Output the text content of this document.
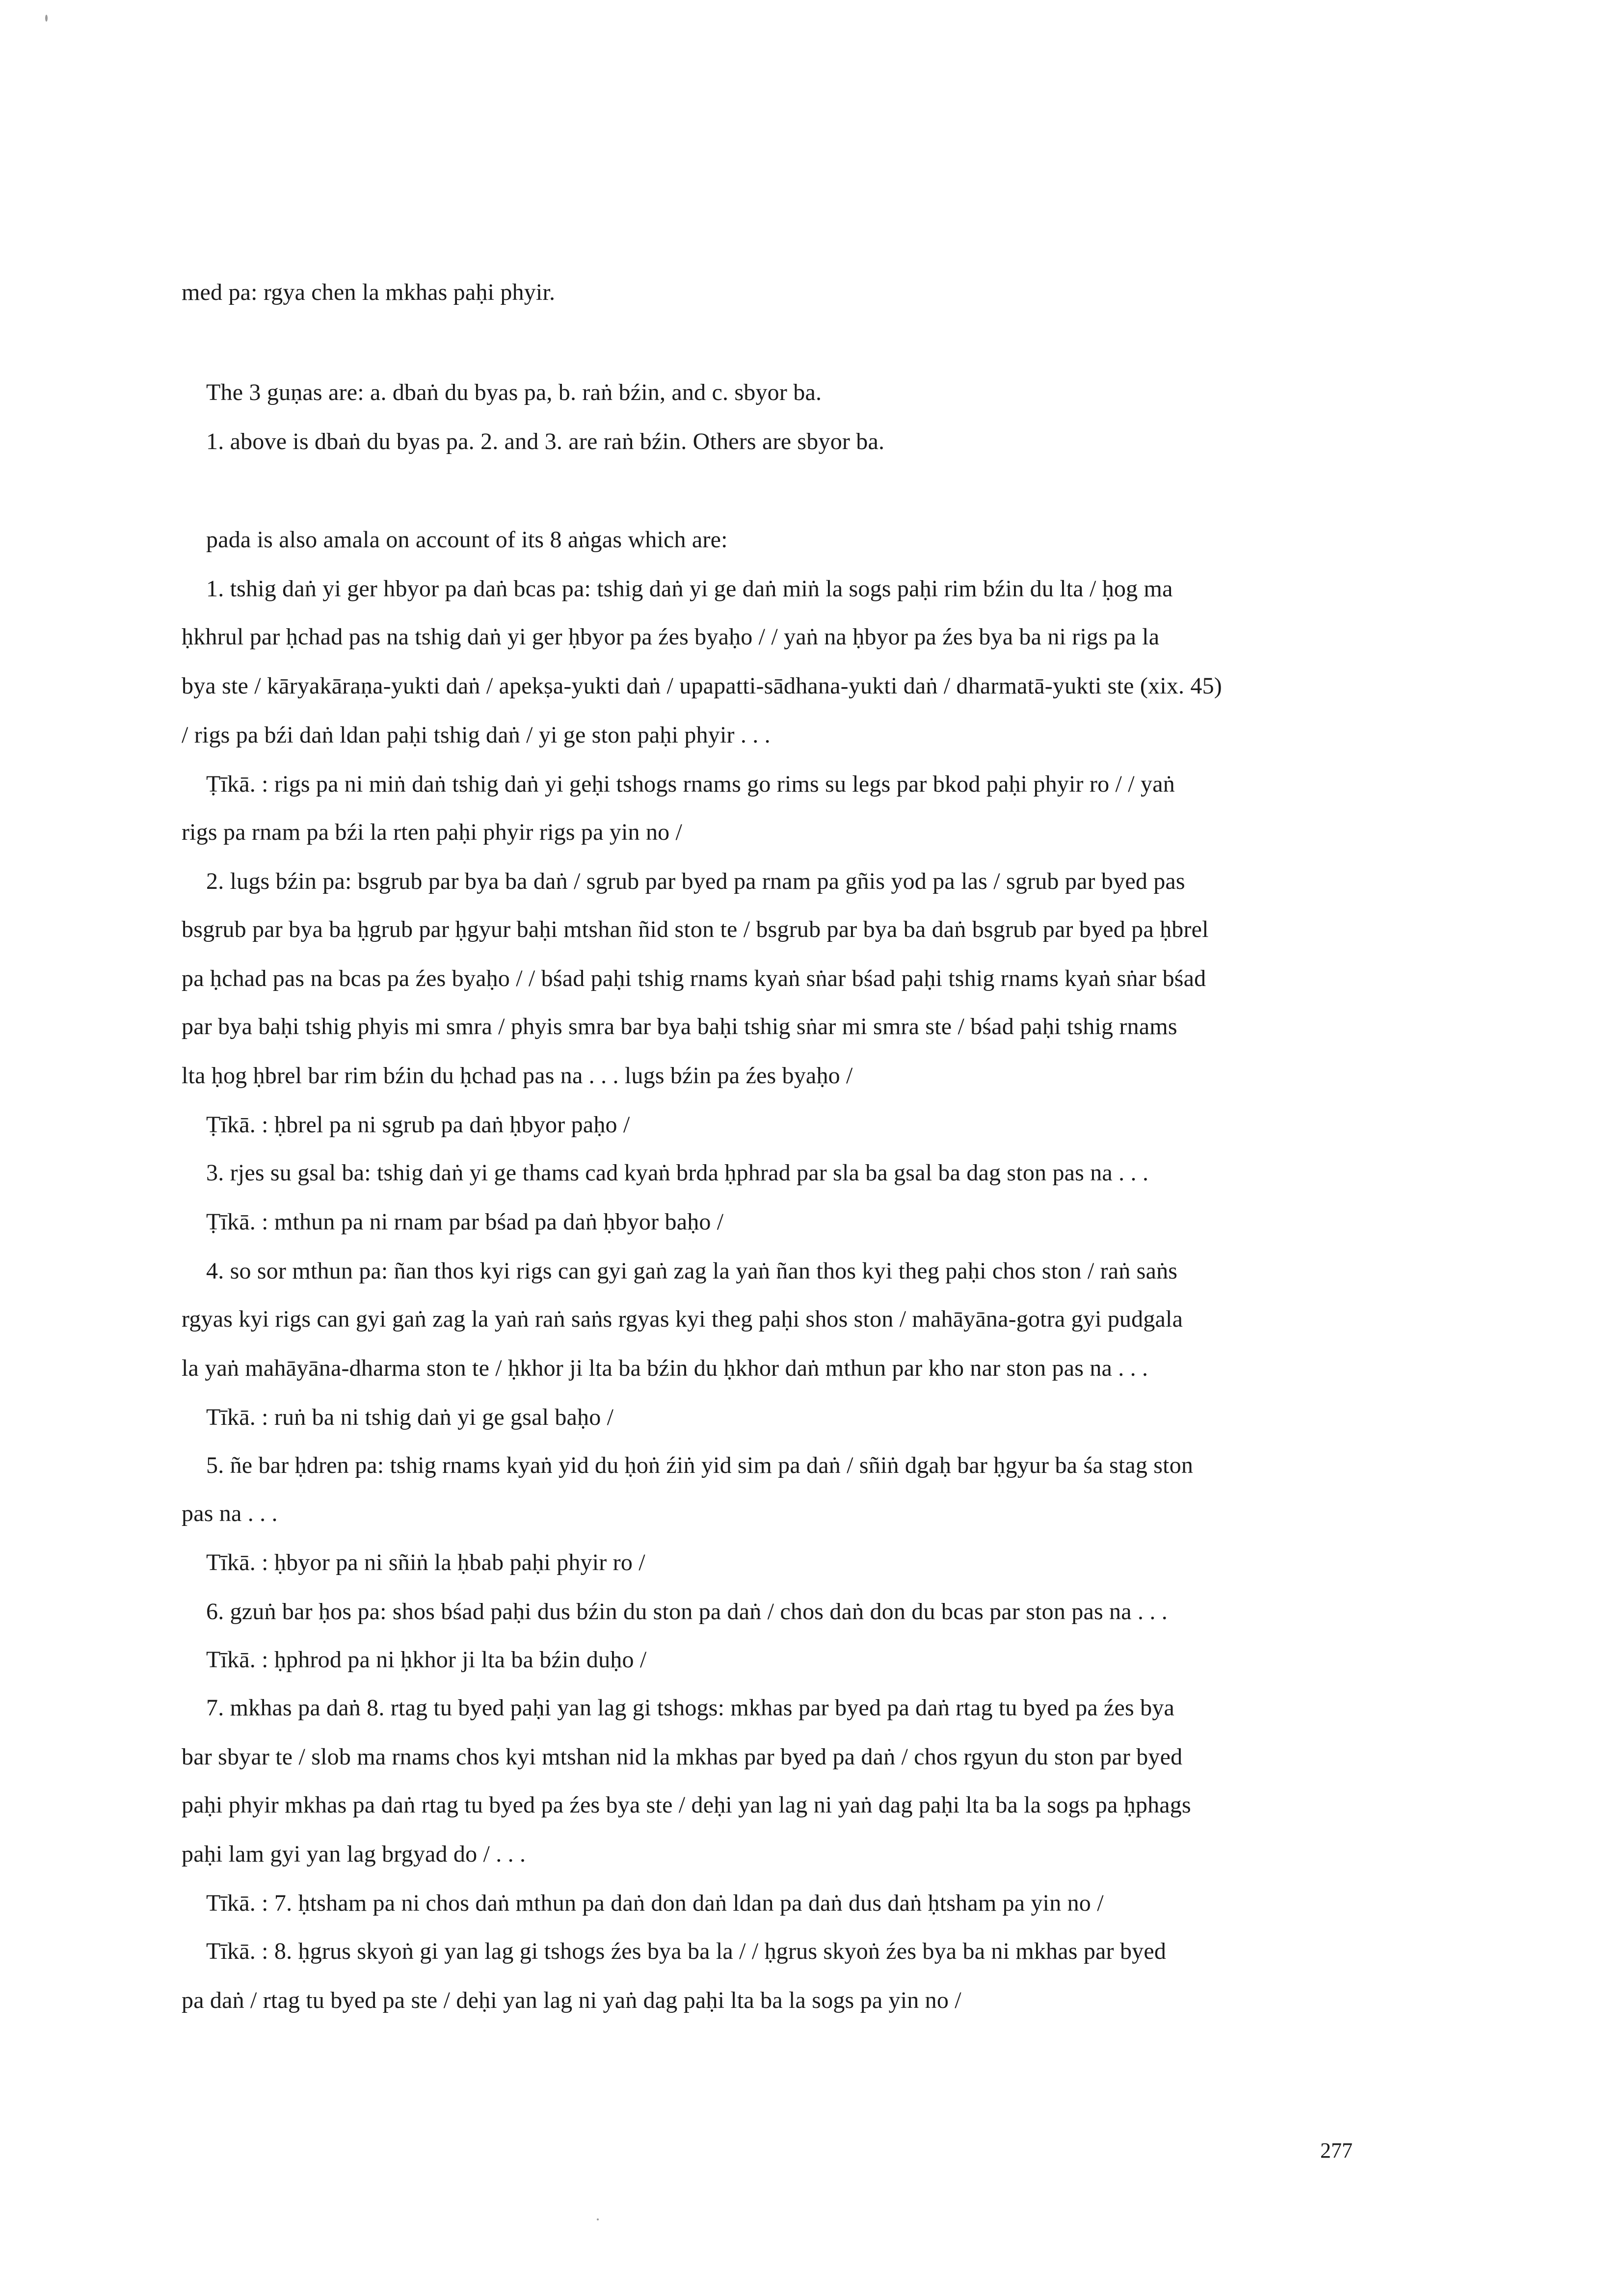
med pa: rgya chen la mkhas paḥi phyir.
The 3 guṇas are: a. dbaṅ du byas pa, b. raṅ bźin, and c. sbyor ba.
1. above is dbaṅ du byas pa. 2. and 3. are raṅ bźin. Others are sbyor ba.
pada is also amala on account of its 8 aṅgas which are:
1. tshig daṅ yi ger hbyor pa daṅ bcas pa: tshig daṅ yi ge daṅ miṅ la sogs paḥi rim bźin du lta / ḥog ma
ḥkhrul par ḥchad pas na tshig daṅ yi ger ḥbyor pa źes byaḥo / / yaṅ na ḥbyor pa źes bya ba ni rigs pa la
bya ste / kāryakāraṇa-yukti daṅ / apekṣa-yukti daṅ / upapatti-sādhana-yukti daṅ / dharmatā-yukti ste (xix. 45)
/ rigs pa bźi daṅ ldan paḥi tshig daṅ / yi ge ston paḥi phyir . . .
Ṭīkā. : rigs pa ni miṅ daṅ tshig daṅ yi geḥi tshogs rnams go rims su legs par bkod paḥi phyir ro / / yaṅ
rigs pa rnam pa bźi la rten paḥi phyir rigs pa yin no /
2. lugs bźin pa: bsgrub par bya ba daṅ / sgrub par byed pa rnam pa gñis yod pa las / sgrub par byed pas
bsgrub par bya ba ḥgrub par ḥgyur baḥi mtshan ñid ston te / bsgrub par bya ba daṅ bsgrub par byed pa ḥbrel
pa ḥchad pas na bcas pa źes byaḥo / / bśad paḥi tshig rnams kyaṅ sṅar bśad paḥi tshig rnams kyaṅ sṅar bśad
par bya baḥi tshig phyis mi smra / phyis smra bar bya baḥi tshig sṅar mi smra ste / bśad paḥi tshig rnams
lta ḥog ḥbrel bar rim bźin du ḥchad pas na . . . lugs bźin pa źes byaḥo /
Ṭīkā. : ḥbrel pa ni sgrub pa daṅ ḥbyor paḥo /
3. rjes su gsal ba: tshig daṅ yi ge thams cad kyaṅ brda ḥphrad par sla ba gsal ba dag ston pas na . . .
Ṭīkā. : mthun pa ni rnam par bśad pa daṅ ḥbyor baḥo /
4. so sor mthun pa: ñan thos kyi rigs can gyi gaṅ zag la yaṅ ñan thos kyi theg paḥi chos ston / raṅ saṅs
rgyas kyi rigs can gyi gaṅ zag la yaṅ raṅ saṅs rgyas kyi theg paḥi shos ston / mahāyāna-gotra gyi pudgala
la yaṅ mahāyāna-dharma ston te / ḥkhor ji lta ba bźin du ḥkhor daṅ mthun par kho nar ston pas na . . .
Tīkā. : ruṅ ba ni tshig daṅ yi ge gsal baḥo /
5. ñe bar ḥdren pa: tshig rnams kyaṅ yid du ḥoṅ źiṅ yid sim pa daṅ / sñiṅ dgaḥ bar ḥgyur ba śa stag ston
pas na . . .
Tīkā. : ḥbyor pa ni sñiṅ la ḥbab paḥi phyir ro /
6. gzuṅ bar ḥos pa: shos bśad paḥi dus bźin du ston pa daṅ / chos daṅ don du bcas par ston pas na . . .
Tīkā. : ḥphrod pa ni ḥkhor ji lta ba bźin duḥo /
7. mkhas pa daṅ 8. rtag tu byed paḥi yan lag gi tshogs: mkhas par byed pa daṅ rtag tu byed pa źes bya
bar sbyar te / slob ma rnams chos kyi mtshan nid la mkhas par byed pa daṅ / chos rgyun du ston par byed
paḥi phyir mkhas pa daṅ rtag tu byed pa źes bya ste / deḥi yan lag ni yaṅ dag paḥi lta ba la sogs pa ḥphags
paḥi lam gyi yan lag brgyad do / . . .
Tīkā. : 7. ḥtsham pa ni chos daṅ mthun pa daṅ don daṅ ldan pa daṅ dus daṅ ḥtsham pa yin no /
Tīkā. : 8. ḥgrus skyoṅ gi yan lag gi tshogs źes bya ba la / / ḥgrus skyoṅ źes bya ba ni mkhas par byed
pa daṅ / rtag tu byed pa ste / deḥi yan lag ni yaṅ dag paḥi lta ba la sogs pa yin no /
277
